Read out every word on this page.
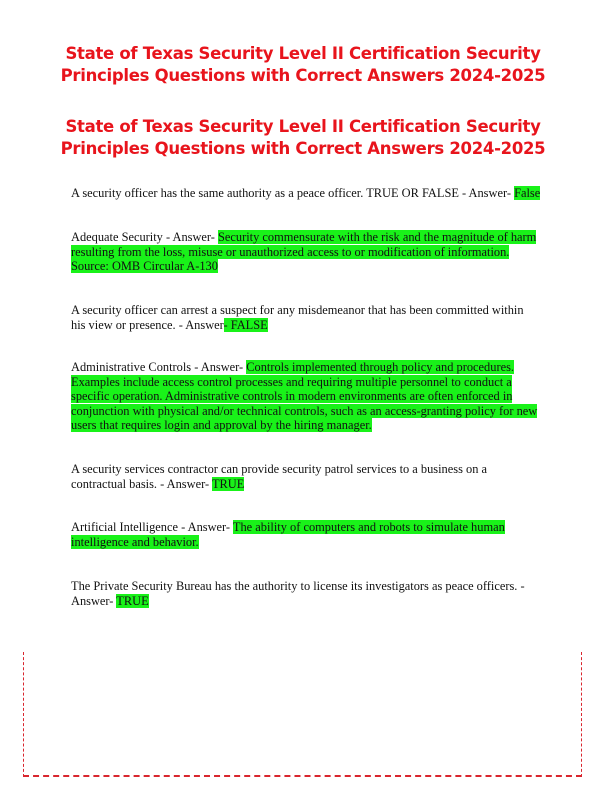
State of Texas Security Level II Certification Security
Principles Questions with Correct Answers 2024-2025
State of Texas Security Level II Certification Security
Principles Questions with Correct Answers 2024-2025
A security officer has the same authority as a peace officer. TRUE OR FALSE - Answer- False
Adequate Security - Answer- Security commensurate with the risk and the magnitude of harm resulting from the loss, misuse or unauthorized access to or modification of information. Source: OMB Circular A-130
A security officer can arrest a suspect for any misdemeanor that has been committed within his view or presence. - Answer- FALSE
Administrative Controls - Answer- Controls implemented through policy and procedures. Examples include access control processes and requiring multiple personnel to conduct a specific operation. Administrative controls in modern environments are often enforced in conjunction with physical and/or technical controls, such as an access-granting policy for new users that requires login and approval by the hiring manager.
A security services contractor can provide security patrol services to a business on a contractual basis. - Answer- TRUE
Artificial Intelligence - Answer- The ability of computers and robots to simulate human intelligence and behavior.
The Private Security Bureau has the authority to license its investigators as peace officers. - Answer- TRUE
